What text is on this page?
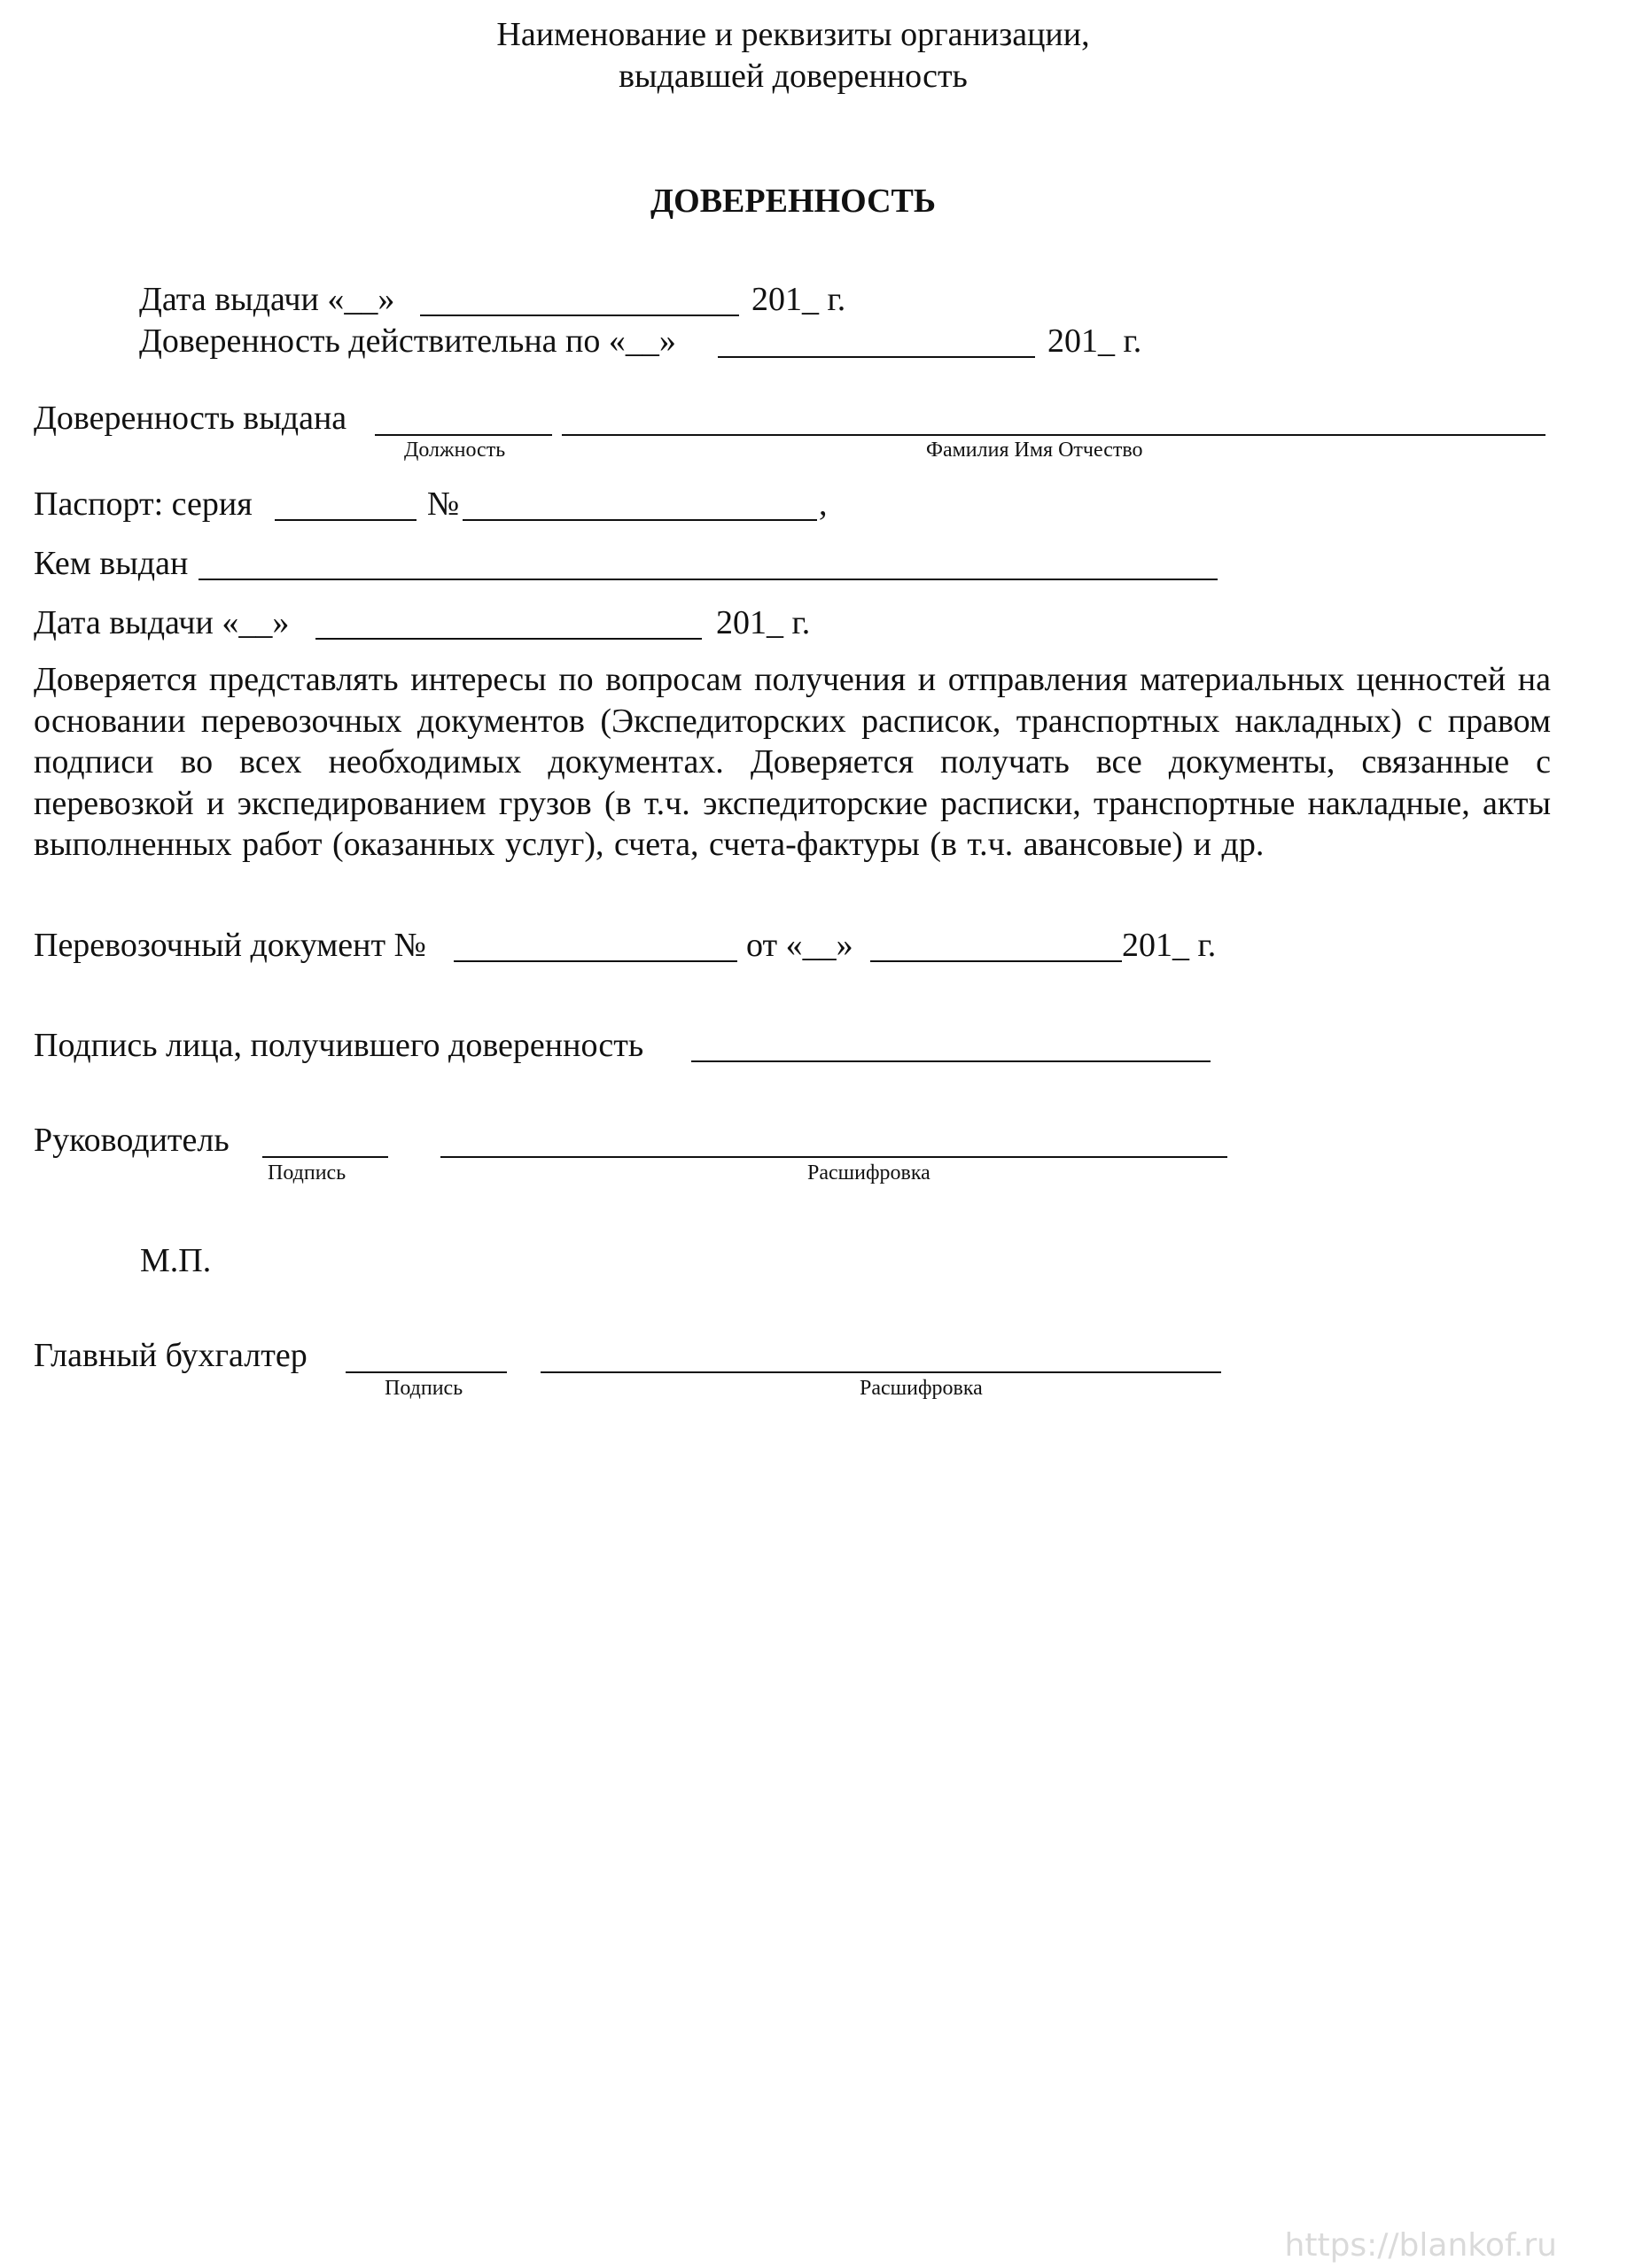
Наименование и реквизиты организации,
выдавшей доверенность
ДОВЕРЕННОСТЬ
Дата выдачи «__»	201_ г.
Доверенность действительна по «__»	201_ г.
Доверенность выдана
Должность	Фамилия Имя Отчество
Паспорт: серия	№	,
Кем выдан
Дата выдачи «__»	201_ г.
Доверяется представлять интересы по вопросам получения и отправления материальных ценностей на основании перевозочных документов (Экспедиторских расписок, транспортных накладных) с правом подписи во всех необходимых документах. Доверяется получать все документы, связанные с перевозкой и экспедированием грузов (в т.ч. экспедиторские расписки, транспортные накладные, акты выполненных работ (оказанных услуг), счета, счета-фактуры (в т.ч. авансовые) и др.
Перевозочный документ №	от «__»	201_ г.
Подпись лица, получившего доверенность
Руководитель
Подпись	Расшифровка
М.П.
Главный бухгалтер
Подпись	Расшифровка
https://blankof.ru
